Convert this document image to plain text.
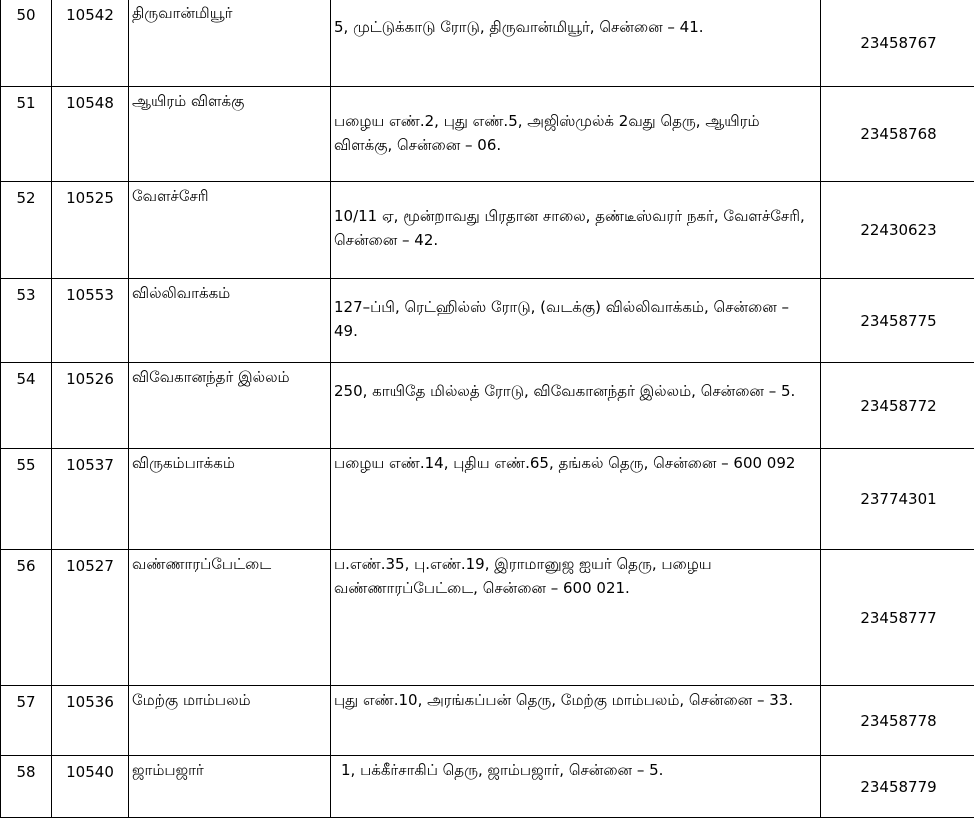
50	10542	திருவான்மியூர்	5, முட்டுக்காடு ரோடு, திருவான்மியூர், சென்னை – 41.	23458767
51	10548	ஆயிரம் விளக்கு	பழைய எண்.2, புது எண்.5, அஜிஸ்முல்க் 2வது தெரு, ஆயிரம் விளக்கு, சென்னை – 06.	23458768
52	10525	வேளச்சேரி	10/11 ஏ, மூன்றாவது பிரதான சாலை, தண்டீஸ்வரர் நகர், வேளச்சேரி, சென்னை – 42.	22430623
53	10553	வில்லிவாக்கம்	127–ப்பி, ரெட்ஹில்ஸ் ரோடு, (வடக்கு) வில்லிவாக்கம், சென்னை – 49.	23458775
54	10526	விவேகானந்தர் இல்லம்	250, காயிதே மில்லத் ரோடு, விவேகானந்தர் இல்லம், சென்னை – 5.	23458772
55	10537	விருகம்பாக்கம்	பழைய எண்.14, புதிய எண்.65, தங்கல் தெரு, சென்னை – 600 092	23774301
56	10527	வண்ணாரப்பேட்டை	ப.எண்.35, பு.எண்.19, இராமானுஜ ஐயர் தெரு, பழைய வண்ணாரப்பேட்டை, சென்னை – 600 021.	23458777
57	10536	மேற்கு மாம்பலம்	புது எண்.10, அரங்கப்பன் தெரு, மேற்கு மாம்பலம், சென்னை – 33.	23458778
58	10540	ஜாம்பஜார்	1, பக்கீர்சாகிப் தெரு, ஜாம்பஜார், சென்னை – 5.	23458779
